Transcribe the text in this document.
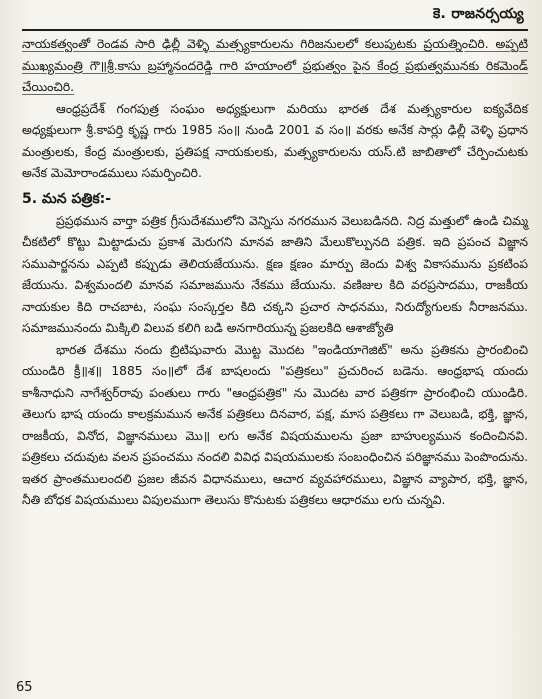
కె. రాజనర్సయ్య

నాయకత్వంతో రెండవ సారి ఢిల్లీ వెళ్ళి మత్స్యకారులను గిరిజనులలో కలుపుటకు ప్రయత్నించిరి. అప్పటి ముఖ్యమంత్రి గౌ॥శ్రీ.కాసు బ్రహ్మానందరెడ్డి గారి హయాంలో ప్రభుత్వం పైన కేంద్ర ప్రభుత్వమునకు రికమెండ్ చేయించిరి.

ఆంధ్రప్రదేశ్ గంగపుత్ర సంఘం అధ్యక్షులుగా మరియు భారత దేశ మత్స్యకారుల ఐక్యవేదిక అధ్యక్షులుగా శ్రీ.కాపర్తి కృష్ణ గారు 1985 సం॥ నుండి 2001 వ సం॥ వరకు అనేక సార్లు ఢిల్లీ వెళ్ళి ప్రధాన మంత్రులకు, కేంద్ర మంత్రులకు, ప్రతిపక్ష నాయకులకు, మత్స్యకారులను యస్.టి జాబితాలో చేర్పించుటకు అనేక మెమోరాండములు సమర్పించిరి.

5. మన పత్రిక:-

ప్రప్రథమున వార్తా పత్రిక గ్రీసుదేశములోని వెన్నిసు నగరమున వెలుబడినది. నిద్ర మత్తులో ఉండి చిమ్మ చీకటిలో కొట్టు మిట్టాడుచు ప్రకాశ మెరుగని మానవ జాతిని మేలుకొల్పునది పత్రిక. ఇది ప్రపంచ విజ్ఞాన సముపార్జనను ఎప్పటి కప్పుడు తెలియజేయును. క్షణ క్షణం మార్పు జెందు విశ్వ వికాసమును ప్రకటింప జేయును. విశ్వమందలి మానవ సమాజమును నేకము జేయును. వణిజుల కిది వరప్రసాదము, రాజకీయ నాయకుల కిది రాచబాట, సంఘ సంస్కర్తల కిది చక్కని ప్రచార సాధనము, నిరుద్యోగులకు నీరాజనము. సమాజమునందు మిక్కిలి విలువ కలిగి బడి అనగారియున్న ప్రజలకిది ఆశాజ్యోతి

భారత దేశము నందు బ్రిటిషువారు మొట్ట మొదట "ఇండియాగెజిట్" అను ప్రతికను ప్రారంబించి యుండిరి క్రీ॥శ॥ 1885 సం॥లో దేశ బాషలందు "పత్రికలు" ప్రచురించ బడెను. ఆంధ్రభాష యందు కాశీనాధుని నాగేశ్వర్‌రావు పంతులు గారు "ఆంధ్రపత్రిక" ను మొదట వార పత్రికగా ప్రారంభించి యుండిరి. తెలుగు భాష యందు కాలక్రమమున అనేక పత్రికలు దినవార, పక్ష, మాస పత్రికలు గా వెలుబడి, భక్తి, జ్ఞాన, రాజకీయ, వినోద, విజ్ఞానములు మొ॥ లగు అనేక విషయములను ప్రజా బాహుల్యమున కందించినవి. పత్రికలు చదువుట వలన ప్రపంచము నందలి వివిధ విషయములకు సంబంధించిన పరిజ్ఞానము పెంపొందును. ఇతర ప్రాంతములందలి ప్రజల జీవన విధానములు, ఆచార వ్యవహారములు, విజ్ఞాన వ్యాపార, భక్తి, జ్ఞాన, నీతి బోధక విషయములు విపులముగా తెలుసు కొనుటకు పత్రికలు ఆధారము లగు చున్నవి.

65
